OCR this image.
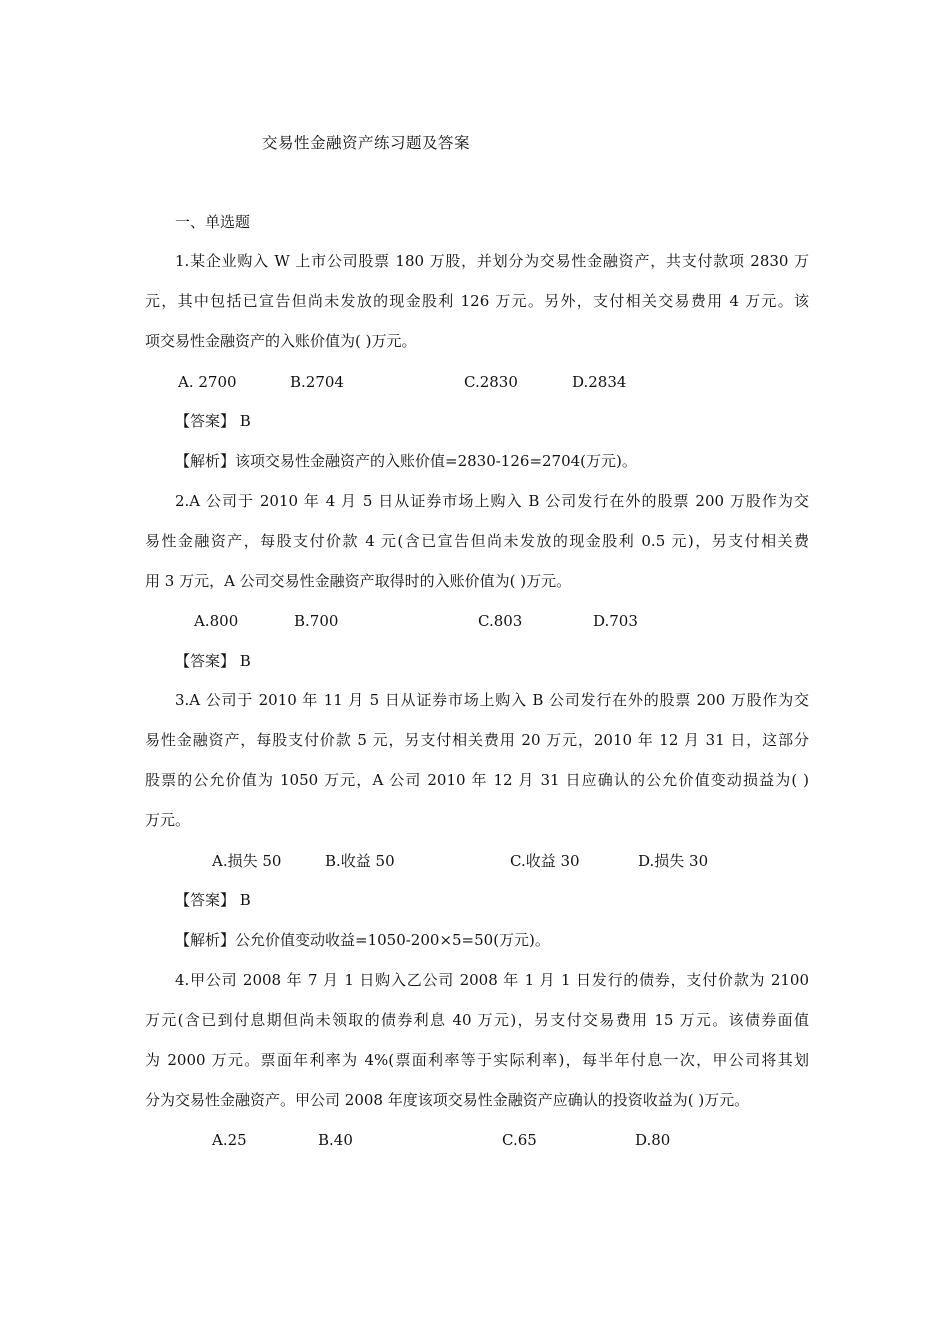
交易性金融资产练习题及答案
一、单选题
1.某企业购入 W 上市公司股票 180 万股，并划分为交易性金融资产，共支付款项 2830 万
元，其中包括已宣告但尚未发放的现金股利 126 万元。另外，支付相关交易费用 4 万元。该
项交易性金融资产的入账价值为( )万元。
A. 2700	B.2704	C.2830	D.2834
【答案】 B
【解析】该项交易性金融资产的入账价值=2830-126=2704(万元)。
2.A 公司于 2010 年 4 月 5 日从证券市场上购入 B 公司发行在外的股票 200 万股作为交
易性金融资产，每股支付价款 4 元(含已宣告但尚未发放的现金股利 0.5 元)，另支付相关费
用 3 万元，A 公司交易性金融资产取得时的入账价值为( )万元。
A.800	B.700	C.803	D.703
【答案】 B
3.A 公司于 2010 年 11 月 5 日从证券市场上购入 B 公司发行在外的股票 200 万股作为交
易性金融资产，每股支付价款 5 元，另支付相关费用 20 万元，2010 年 12 月 31 日，这部分
股票的公允价值为 1050 万元，A 公司 2010 年 12 月 31 日应确认的公允价值变动损益为( )
万元。
A.损失 50	B.收益 50	C.收益 30	D.损失 30
【答案】 B
【解析】公允价值变动收益=1050-200×5=50(万元)。
4.甲公司 2008 年 7 月 1 日购入乙公司 2008 年 1 月 1 日发行的债券，支付价款为 2100
万元(含已到付息期但尚未领取的债券利息 40 万元)，另支付交易费用 15 万元。该债券面值
为 2000 万元。票面年利率为 4%(票面利率等于实际利率)，每半年付息一次，甲公司将其划
分为交易性金融资产。甲公司 2008 年度该项交易性金融资产应确认的投资收益为( )万元。
A.25	B.40	C.65	D.80
